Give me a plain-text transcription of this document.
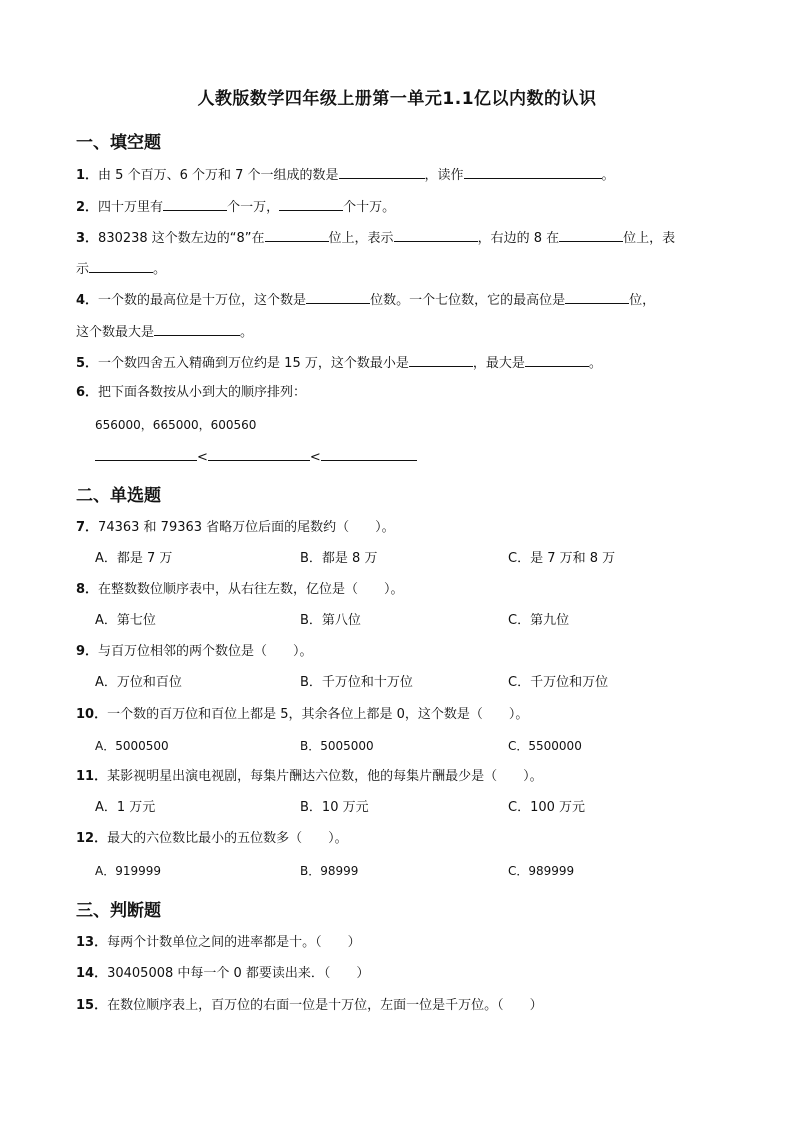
人教版数学四年级上册第一单元1.1亿以内数的认识
一、填空题
1．由 5 个百万、6 个万和 7 个一组成的数是	，读作	。
2．四十万里有	个一万，	个十万。
3．830238 这个数左边的“8”在	位上，表示	，右边的 8 在	位上，表
示	。
4．一个数的最高位是十万位，这个数是	位数。一个七位数，它的最高位是	位，
这个数最大是	。
5．一个数四舍五入精确到万位约是 15 万，这个数最小是	，最大是	。
6．把下面各数按从小到大的顺序排列：
656000，665000，600560
<	<
二、单选题
7．74363 和 79363 省略万位后面的尾数约（　　）。
A．都是 7 万	B．都是 8 万	C．是 7 万和 8 万
8．在整数数位顺序表中，从右往左数，亿位是（　　）。
A．第七位	B．第八位	C．第九位
9．与百万位相邻的两个数位是（　　）。
A．万位和百位	B．千万位和十万位	C．千万位和万位
10．一个数的百万位和百位上都是 5，其余各位上都是 0，这个数是（　　）。
A．5000500	B．5005000	C．5500000
11．某影视明星出演电视剧，每集片酬达六位数，他的每集片酬最少是（　　）。
A．1 万元	B．10 万元	C．100 万元
12．最大的六位数比最小的五位数多（　　）。
A．919999	B．98999	C．989999
三、判断题
13．每两个计数单位之间的进率都是十。（　　）
14．30405008 中每一个 0 都要读出来．（　　）
15．在数位顺序表上，百万位的右面一位是十万位，左面一位是千万位。（　　）
